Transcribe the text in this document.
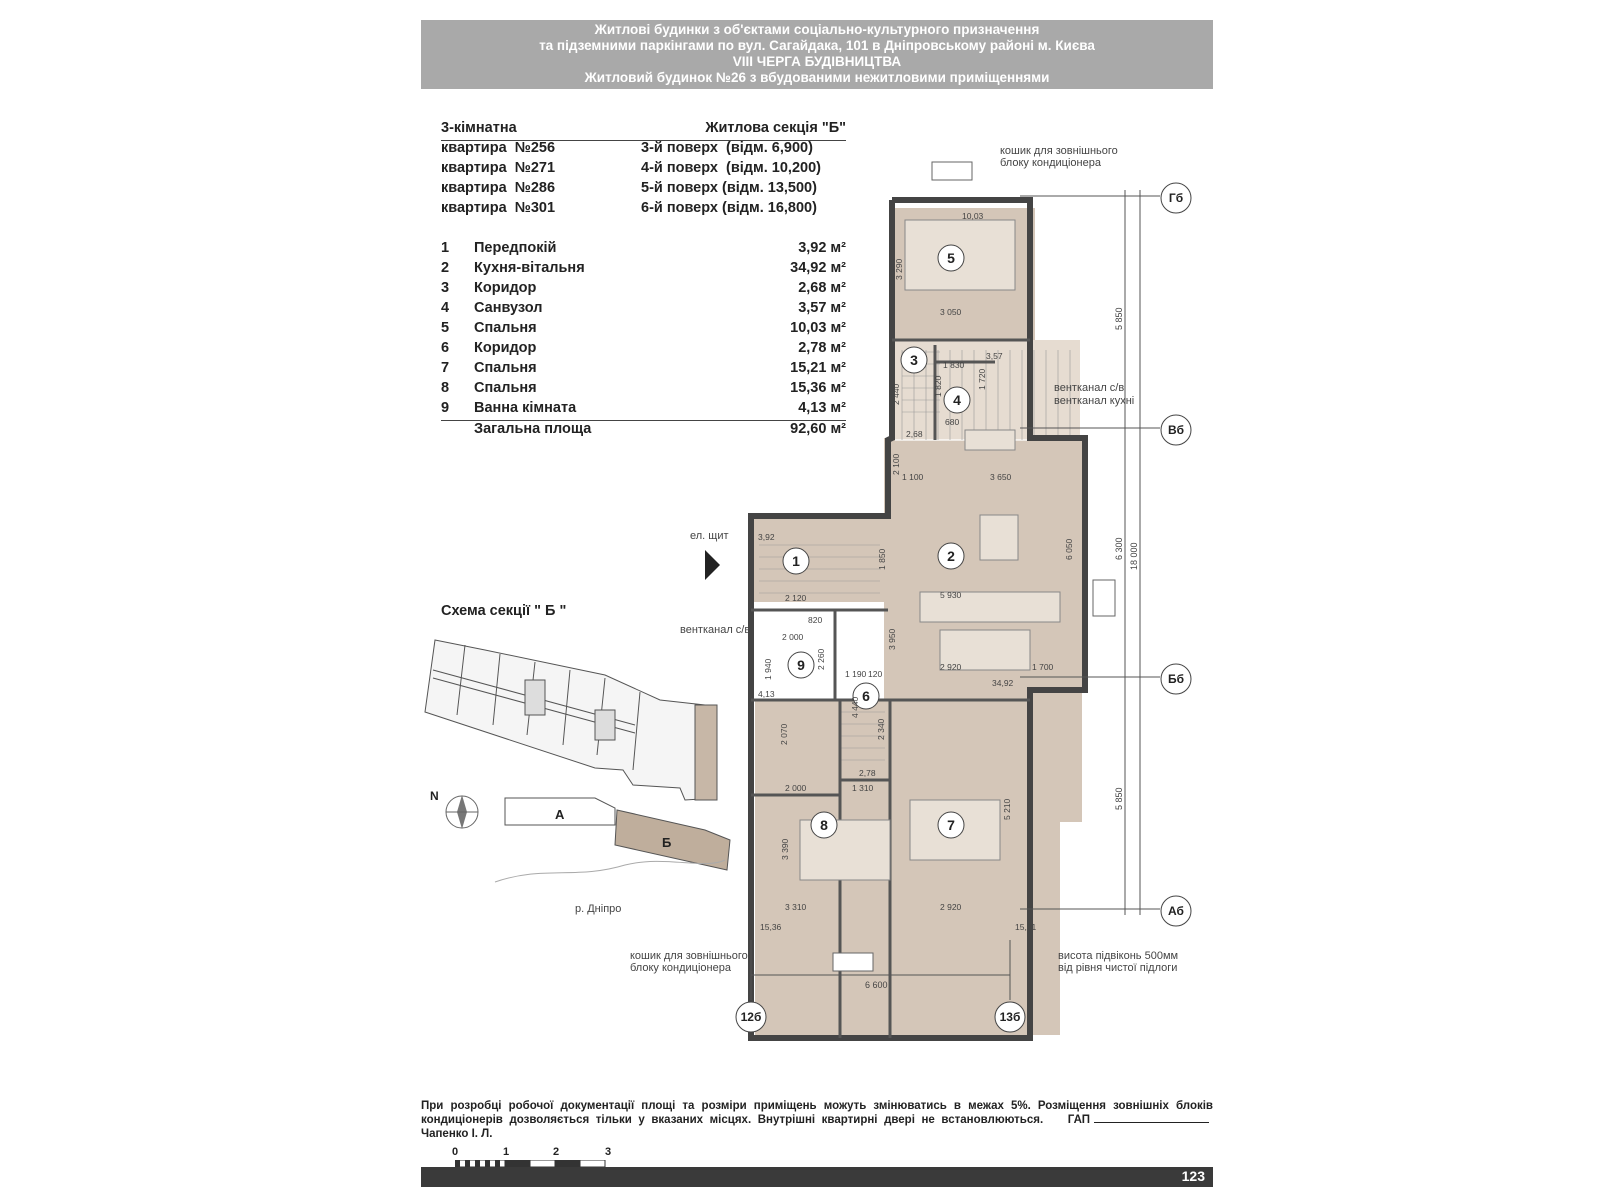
Житлові будинки з об'єктами соціально-культурного призначення
та підземними паркінгами по вул. Сагайдака, 101 в Дніпровському районі м. Києва
VIII ЧЕРГА БУДІВНИЦТВА
Житловий будинок №26 з вбудованими нежитловими приміщеннями
3-кімнатна	Житлова секція "Б"
квартира  №256	3-й поверх  (відм. 6,900)
квартира  №271	4-й поверх  (відм. 10,200)
квартира  №286	5-й поверх (відм. 13,500)
квартира  №301	6-й поверх (відм. 16,800)
1 Передпокій	3,92 м²
2 Кухня-вітальня	34,92 м²
3 Коридор	2,68 м²
4 Санвузол	3,57 м²
5 Спальня	10,03 м²
6 Коридор	2,78 м²
7 Спальня	15,21 м²
8 Спальня	15,36 м²
9 Ванна кімната	4,13 м²
Загальна площа	92,60 м²
Схема секції " Б "
N
А
Б
р. Дніпро
5
3
4
2
1
9
6
8	7
10,03
3 050
3 290
3,57
1 830
1 720
1 820
680
2 440
2,68
1 100	3 650
2 100
5 930
6 050
3 950
2 920	1 700
34,92
3,92
2 120
1 850
2 000
820
1 940	2 260
4,13
1 190 120
4 440
2 340
2,78
1 310
2 070
2 000
3 390
3 310
15,36
5 210
2 920
15,21
Гб
Вб
Бб
Аб
12б	13б
5 850
6 300
5 850
18 000
6 600
кошик для зовнішнього
блоку кондиціонера
вентканал с/в
вентканал кухні
ел. щит
вентканал с/в
кошик для зовнішнього
блоку кондиціонера
висота підвіконь 500мм
від рівня чистої підлоги
При розробці робочої документації площі та розміри приміщень можуть змінюватись в межах 5%. Розміщення зовнішніх блоків кондиціонерів дозволяється тільки у вказаних місцях. Внутрішні квартирні двері не встановлюються. ГАПЧапенко І. Л.
0	1	2	3
123
